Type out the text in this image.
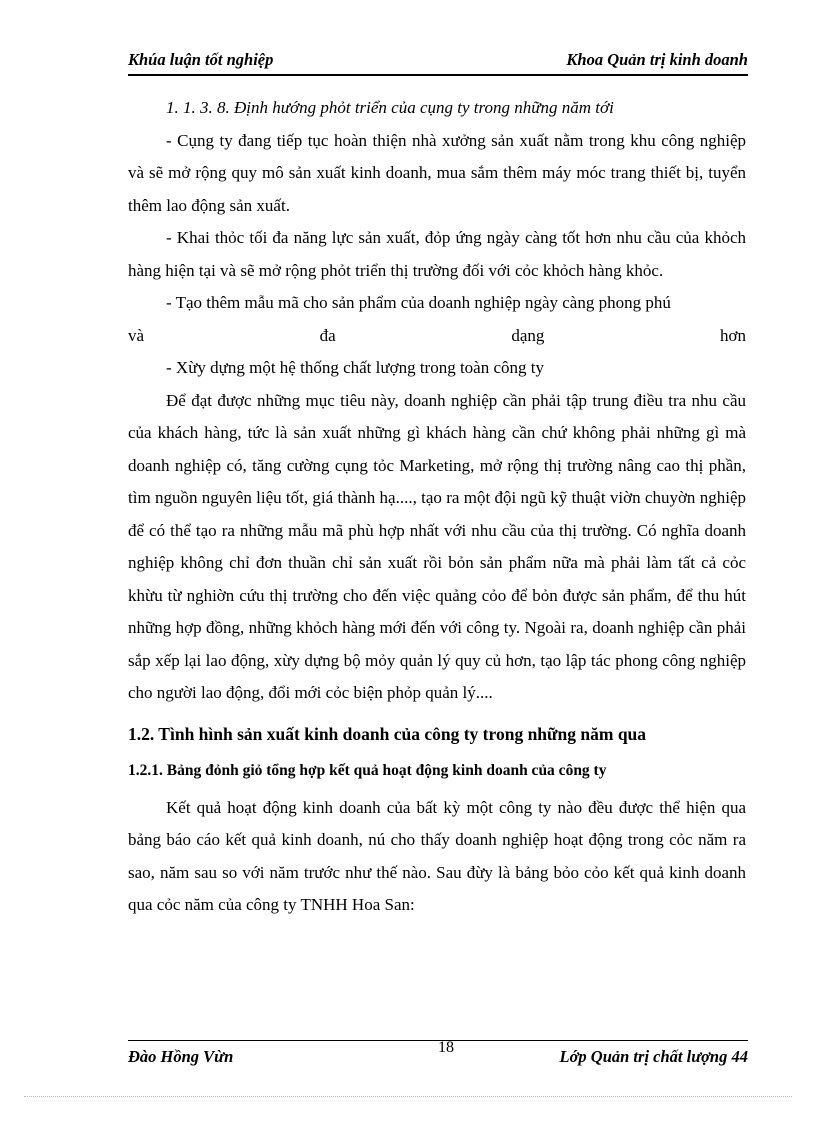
Khúa luận tốt nghiệp	Khoa Quản trị kinh doanh

1. 1. 3. 8. Định hướng phỏt triển của cụng ty trong những năm tới

- Cụng ty đang tiếp tục hoàn thiện nhà xưởng sản xuất nằm trong khu công nghiệp và sẽ mở rộng quy mô sản xuất kinh doanh, mua sắm thêm máy móc trang thiết bị, tuyển thêm lao động sản xuất.

- Khai thỏc tối đa năng lực sản xuất, đỏp ứng ngày càng tốt hơn nhu cầu của khỏch hàng hiện tại và sẽ mở rộng phỏt triển thị trường đối với cỏc khỏch hàng khỏc.

- Tạo thêm mẫu mã cho sản phẩm của doanh nghiệp ngày càng phong phú

và	đa	dạng	hơn

- Xừy dựng một hệ thống chất lượng trong toàn công ty

Để đạt được những mục tiêu này, doanh nghiệp cần phải tập trung điều tra nhu cầu của khách hàng, tức là sản xuất những gì khách hàng cần chứ không phải những gì mà doanh nghiệp có, tăng cường cụng tỏc Marketing, mở rộng thị trường nâng cao thị phần, tìm nguồn nguyên liệu tốt, giá thành hạ...., tạo ra một đội ngũ kỹ thuật viờn chuyờn nghiệp để có thể tạo ra những mẫu mã phù hợp nhất với nhu cầu của thị trường. Có nghĩa doanh nghiệp không chỉ đơn thuần chỉ sản xuất rồi bỏn sản phẩm nữa mà phải làm tất cả cỏc khừu từ nghiờn cứu thị trường cho đến việc quảng cỏo để bỏn được sản phẩm, để thu hút những hợp đồng, những khỏch hàng mới đến với công ty. Ngoài ra, doanh nghiệp cần phải sắp xếp lại lao động, xừy dựng bộ mỏy quản lý quy củ hơn, tạo lập tác phong công nghiệp cho người lao động, đổi mới cỏc biện phỏp quản lý....

1.2. Tình hình sản xuất kinh doanh của công ty trong những năm qua

1.2.1. Bảng đỏnh giỏ tổng hợp kết quả hoạt động kinh doanh của công ty

Kết quả hoạt động kinh doanh của bất kỳ một công ty nào đều được thể hiện qua bảng báo cáo kết quả kinh doanh, nú cho thấy doanh nghiệp hoạt động trong cỏc năm ra sao, năm sau so với năm trước như thế nào. Sau đừy là bảng bỏo cỏo kết quả kinh doanh qua cỏc năm của công ty TNHH Hoa San:

Đào Hồng Vừn	18	Lớp Quản trị chất lượng 44
